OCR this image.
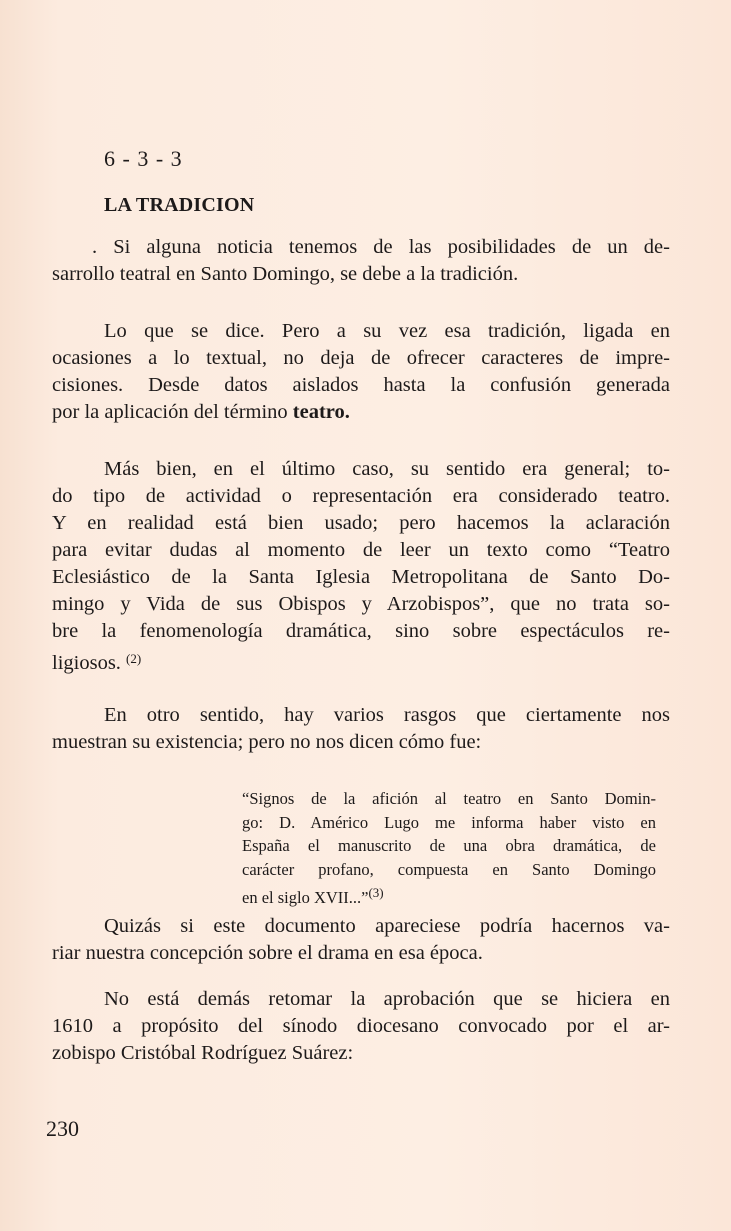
6 - 3 - 3
LA TRADICION
. Si alguna noticia tenemos de las posibilidades de un de-
sarrollo teatral en Santo Domingo, se debe a la tradición.
Lo que se dice. Pero a su vez esa tradición, ligada en
ocasiones a lo textual, no deja de ofrecer caracteres de impre-
cisiones. Desde datos aislados hasta la confusión generada
por la aplicación del término teatro.
Más bien, en el último caso, su sentido era general; to-
do tipo de actividad o representación era considerado teatro.
Y en realidad está bien usado; pero hacemos la aclaración
para evitar dudas al momento de leer un texto como “Teatro
Eclesiástico de la Santa Iglesia Metropolitana de Santo Do-
mingo y Vida de sus Obispos y Arzobispos”, que no trata so-
bre la fenomenología dramática, sino sobre espectáculos re-
ligiosos. $^{(2)}$
En otro sentido, hay varios rasgos que ciertamente nos
muestran su existencia; pero no nos dicen cómo fue:
“Signos de la afición al teatro en Santo Domin-
go: D. Américo Lugo me informa haber visto en
España el manuscrito de una obra dramática, de
carácter profano, compuesta en Santo Domingo
en el siglo XVII...”$^{(3)}$
Quizás si este documento apareciese podría hacernos va-
riar nuestra concepción sobre el drama en esa época.
No está demás retomar la aprobación que se hiciera en
1610 a propósito del sínodo diocesano convocado por el ar-
zobispo Cristóbal Rodríguez Suárez:
230
